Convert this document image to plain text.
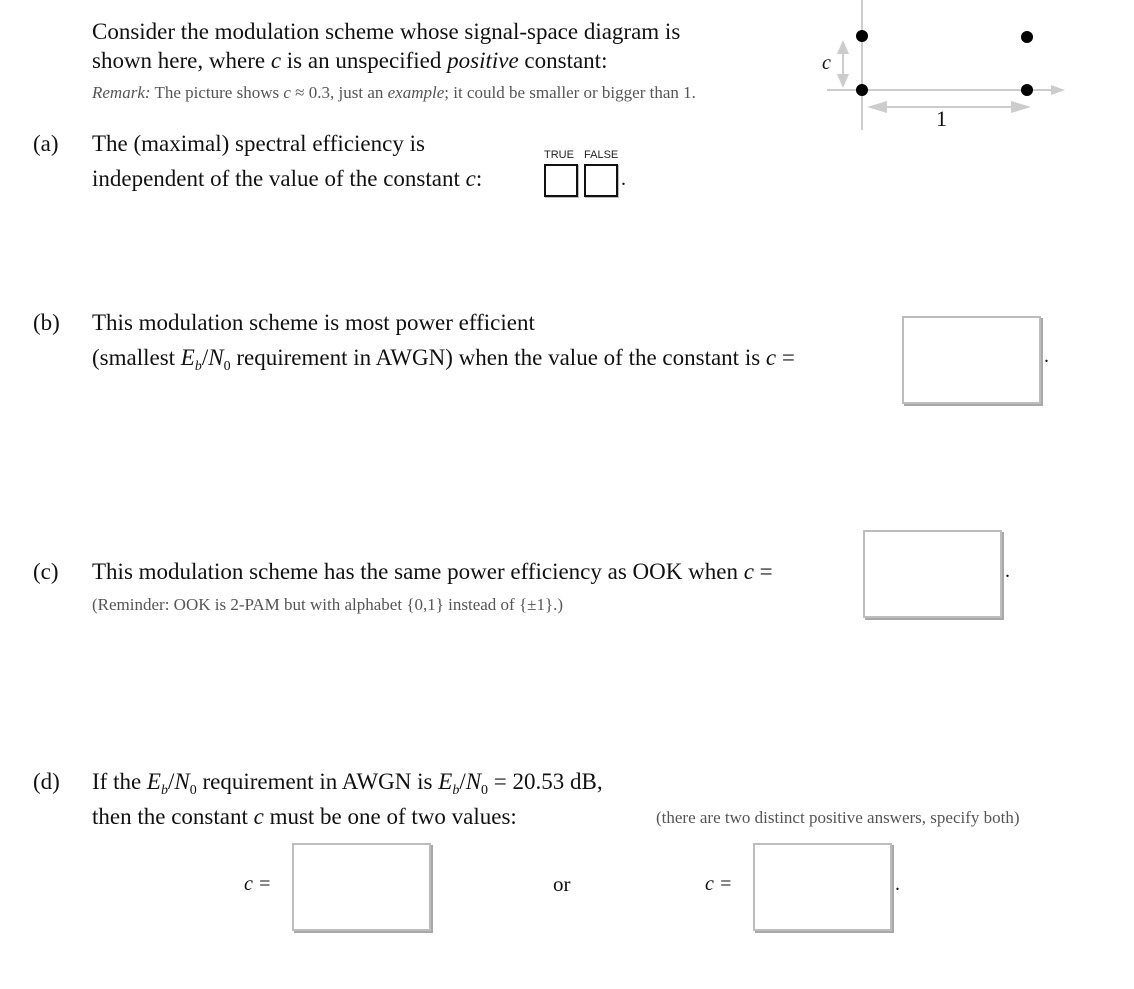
Consider the modulation scheme whose signal-space diagram is
shown here, where c is an unspecified positive constant:
Remark: The picture shows c ≈ 0.3, just an example; it could be smaller or bigger than 1.
c
1
(a) The (maximal) spectral efficiency is
independent of the value of the constant c:
TRUE FALSE
.
(b) This modulation scheme is most power efficient
(smallest $E_b/N_0$ requirement in AWGN) when the value of the constant is c =	.
(c) This modulation scheme has the same power efficiency as OOK when c =
(Reminder: OOK is 2-PAM but with alphabet {0,1} instead of {±1}.)
.
(d) If the $E_b/N_0$ requirement in AWGN is $E_b/N_0 = 20.53$ dB,
then the constant c must be one of two values:	(there are two distinct positive answers, specify both)
c =	or	c =	.
